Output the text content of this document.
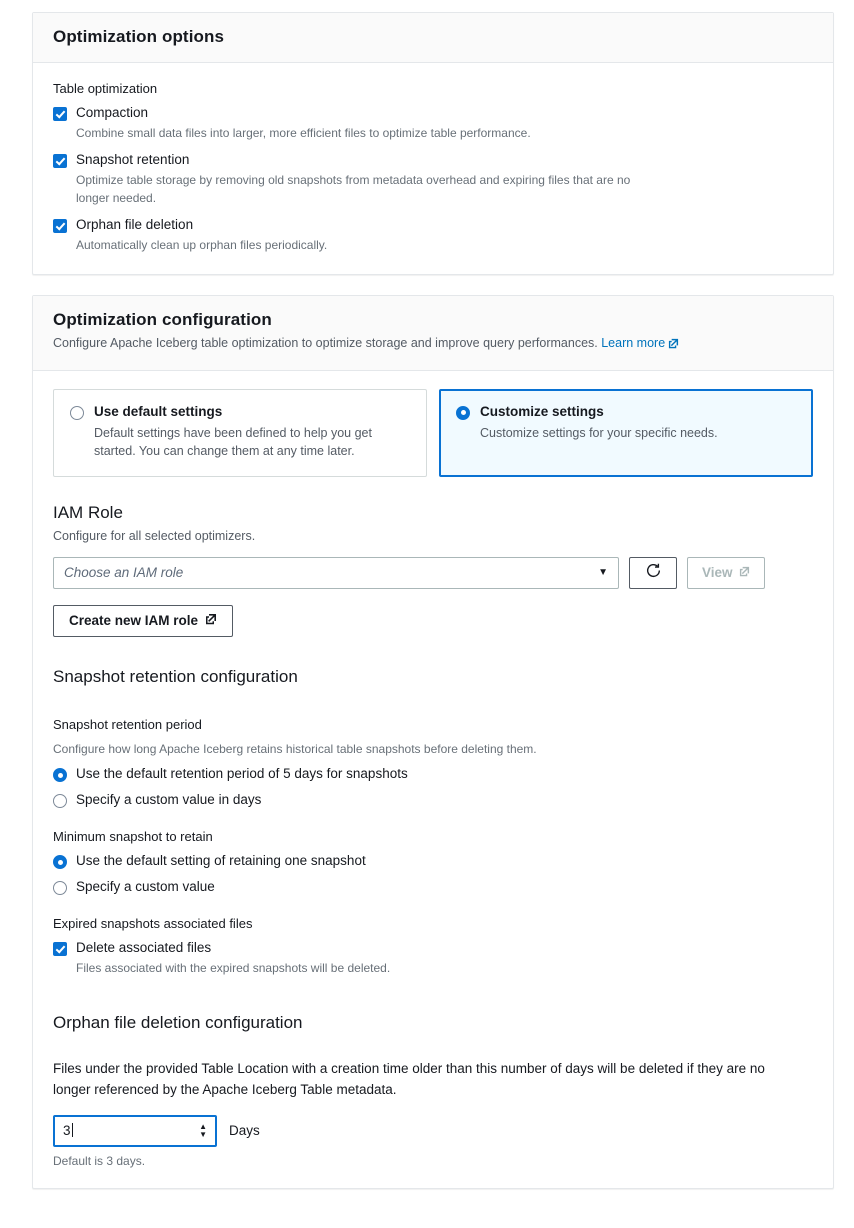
Optimization options
Table optimization
Compaction
Combine small data files into larger, more efficient files to optimize table performance.
Snapshot retention
Optimize table storage by removing old snapshots from metadata overhead and expiring files that are no longer needed.
Orphan file deletion
Automatically clean up orphan files periodically.
Optimization configuration
Configure Apache Iceberg table optimization to optimize storage and improve query performances. Learn more
Use default settings
Default settings have been defined to help you get started. You can change them at any time later.
Customize settings
Customize settings for your specific needs.
IAM Role
Configure for all selected optimizers.
Choose an IAM role	▼	View
Create new IAM role
Snapshot retention configuration
Snapshot retention period
Configure how long Apache Iceberg retains historical table snapshots before deleting them.
Use the default retention period of 5 days for snapshots
Specify a custom value in days
Minimum snapshot to retain
Use the default setting of retaining one snapshot
Specify a custom value
Expired snapshots associated files
Delete associated files
Files associated with the expired snapshots will be deleted.
Orphan file deletion configuration
Files under the provided Table Location with a creation time older than this number of days will be deleted if they are no longer referenced by the Apache Iceberg Table metadata.
3	▲
▼ Days
Default is 3 days.
